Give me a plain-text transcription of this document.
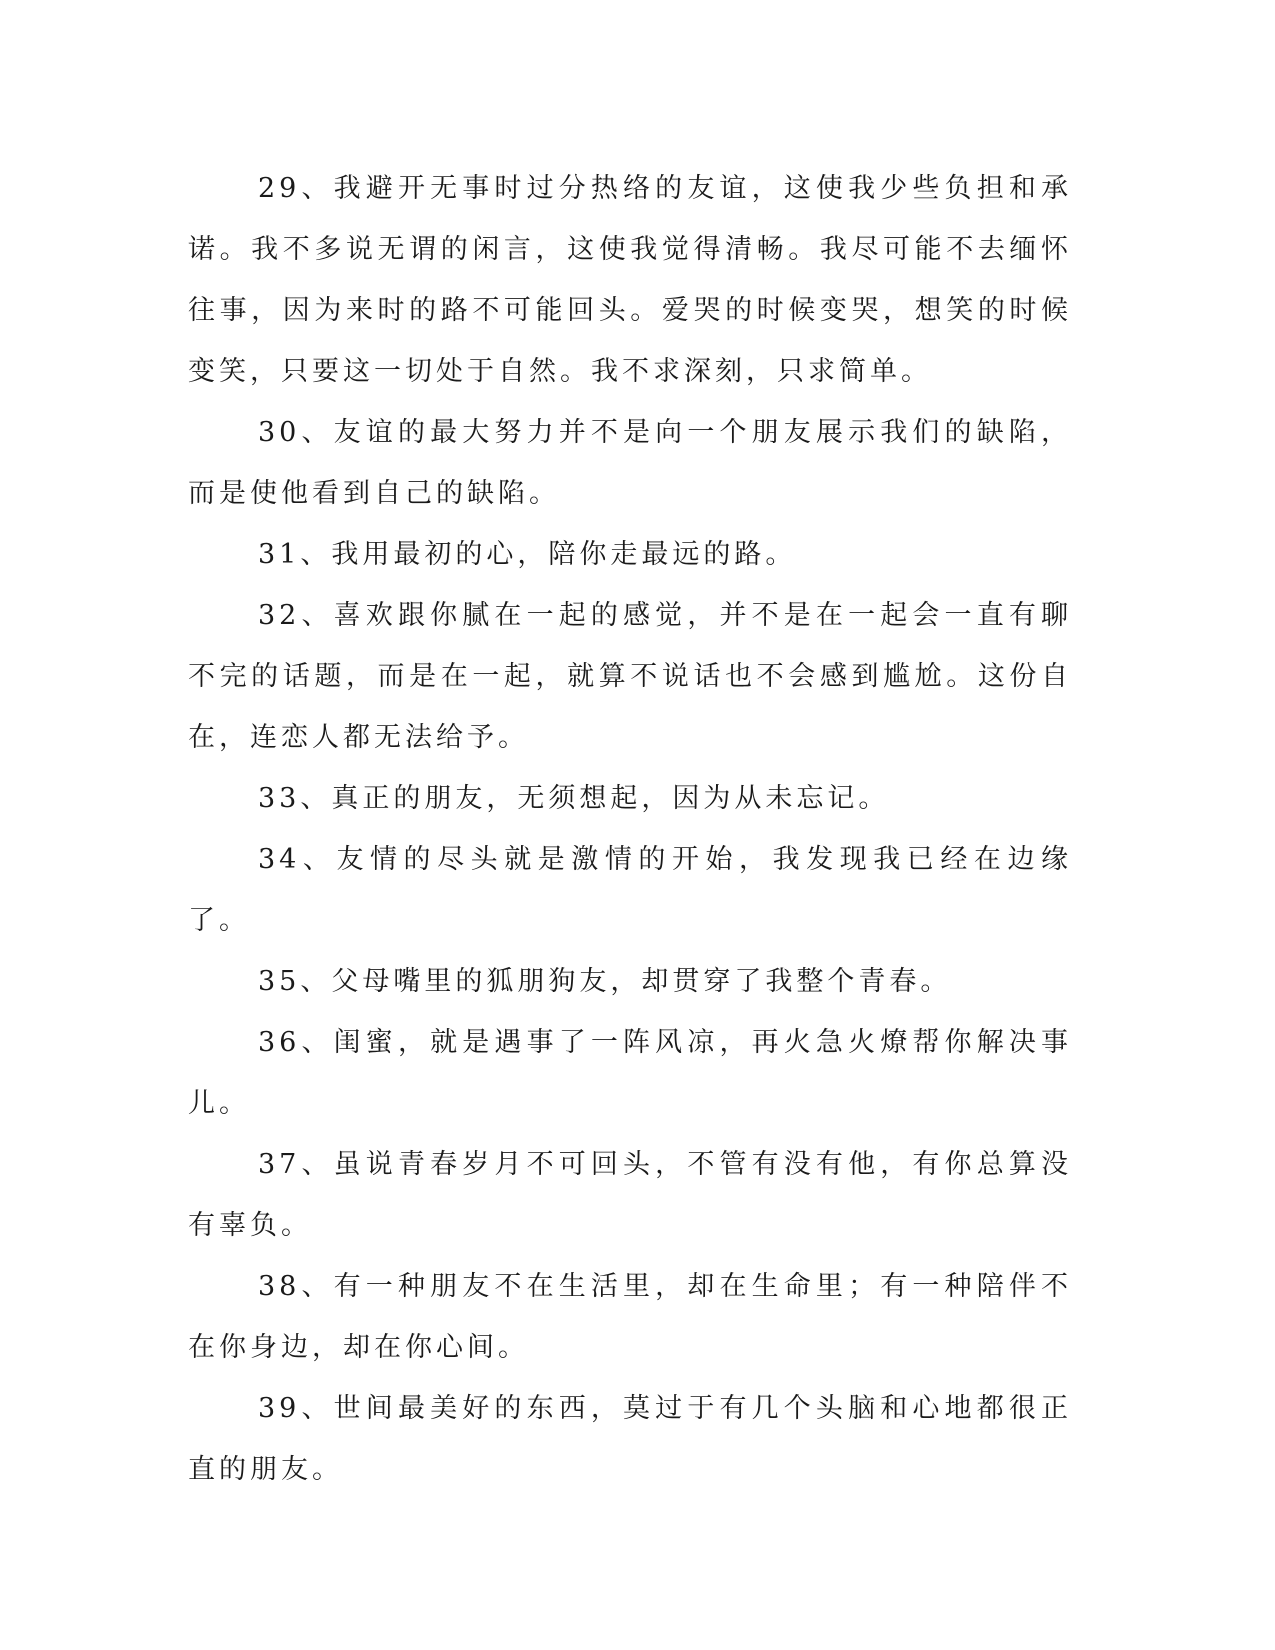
29、我避开无事时过分热络的友谊，这使我少些负担和承诺。我不多说无谓的闲言，这使我觉得清畅。我尽可能不去缅怀往事，因为来时的路不可能回头。爱哭的时候变哭，想笑的时候变笑，只要这一切处于自然。我不求深刻，只求简单。

30、友谊的最大努力并不是向一个朋友展示我们的缺陷，而是使他看到自己的缺陷。

31、我用最初的心，陪你走最远的路。

32、喜欢跟你腻在一起的感觉，并不是在一起会一直有聊不完的话题，而是在一起，就算不说话也不会感到尴尬。这份自在，连恋人都无法给予。

33、真正的朋友，无须想起，因为从未忘记。

34、友情的尽头就是激情的开始，我发现我已经在边缘了。

35、父母嘴里的狐朋狗友，却贯穿了我整个青春。

36、闺蜜，就是遇事了一阵风凉，再火急火燎帮你解决事儿。

37、虽说青春岁月不可回头，不管有没有他，有你总算没有辜负。

38、有一种朋友不在生活里，却在生命里；有一种陪伴不在你身边，却在你心间。

39、世间最美好的东西，莫过于有几个头脑和心地都很正直的朋友。
